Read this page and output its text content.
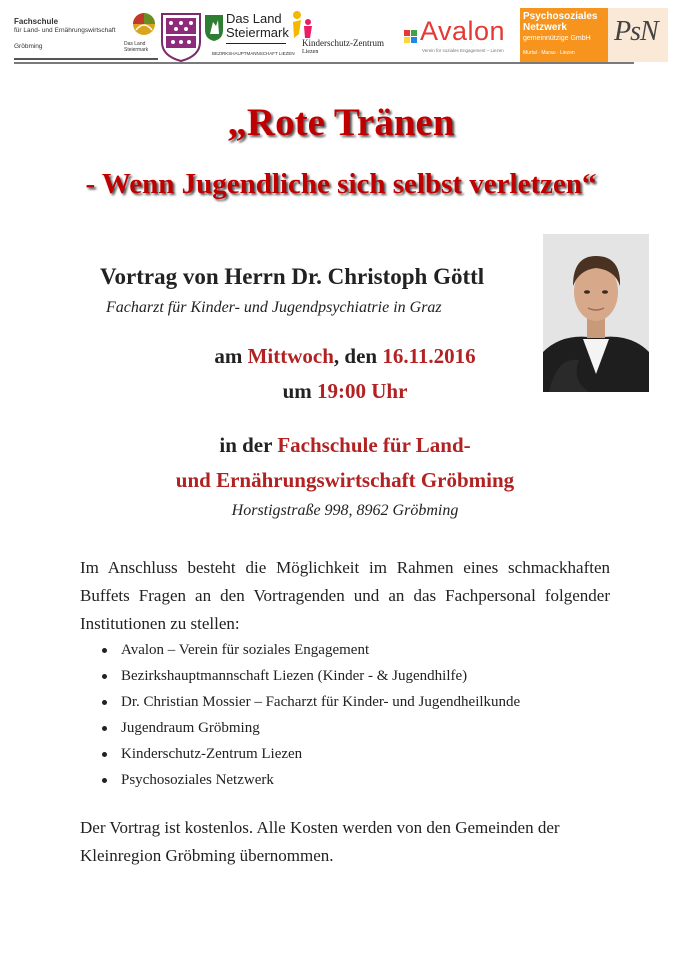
Fachschule
für Land- und Ernährungswirtschaft
Gröbming	Das Land Steiermark
Das Land
Steiermark
BEZIRKSHAUPTMANNSCHAFT LIEZEN
Kinderschutz-Zentrum
Liezen
Avalon
Verein für soziales Engagement – Liezen
Psychosoziales
Netzwerk
gemeinnützige GmbH
Murtal · Murau · Liezen
PsN
„Rote Tränen
- Wenn Jugendliche sich selbst verletzen“
Vortrag von Herrn Dr. Christoph Göttl
Facharzt für Kinder- und Jugendpsychiatrie in Graz
am Mittwoch, den 16.11.2016
um 19:00 Uhr
in der Fachschule für Land-
und Ernährungswirtschaft Gröbming
Horstigstraße 998, 8962 Gröbming
Im Anschluss besteht die Möglichkeit im Rahmen eines schmackhaften Buffets Fragen an den Vortragenden und an das Fachpersonal folgender Institutionen zu stellen:
Avalon – Verein für soziales Engagement
Bezirkshauptmannschaft Liezen (Kinder - & Jugendhilfe)
Dr. Christian Mossier – Facharzt für Kinder- und Jugendheilkunde
Jugendraum Gröbming
Kinderschutz-Zentrum Liezen
Psychosoziales Netzwerk
Der Vortrag ist kostenlos. Alle Kosten werden von den Gemeinden der Kleinregion Gröbming übernommen.
